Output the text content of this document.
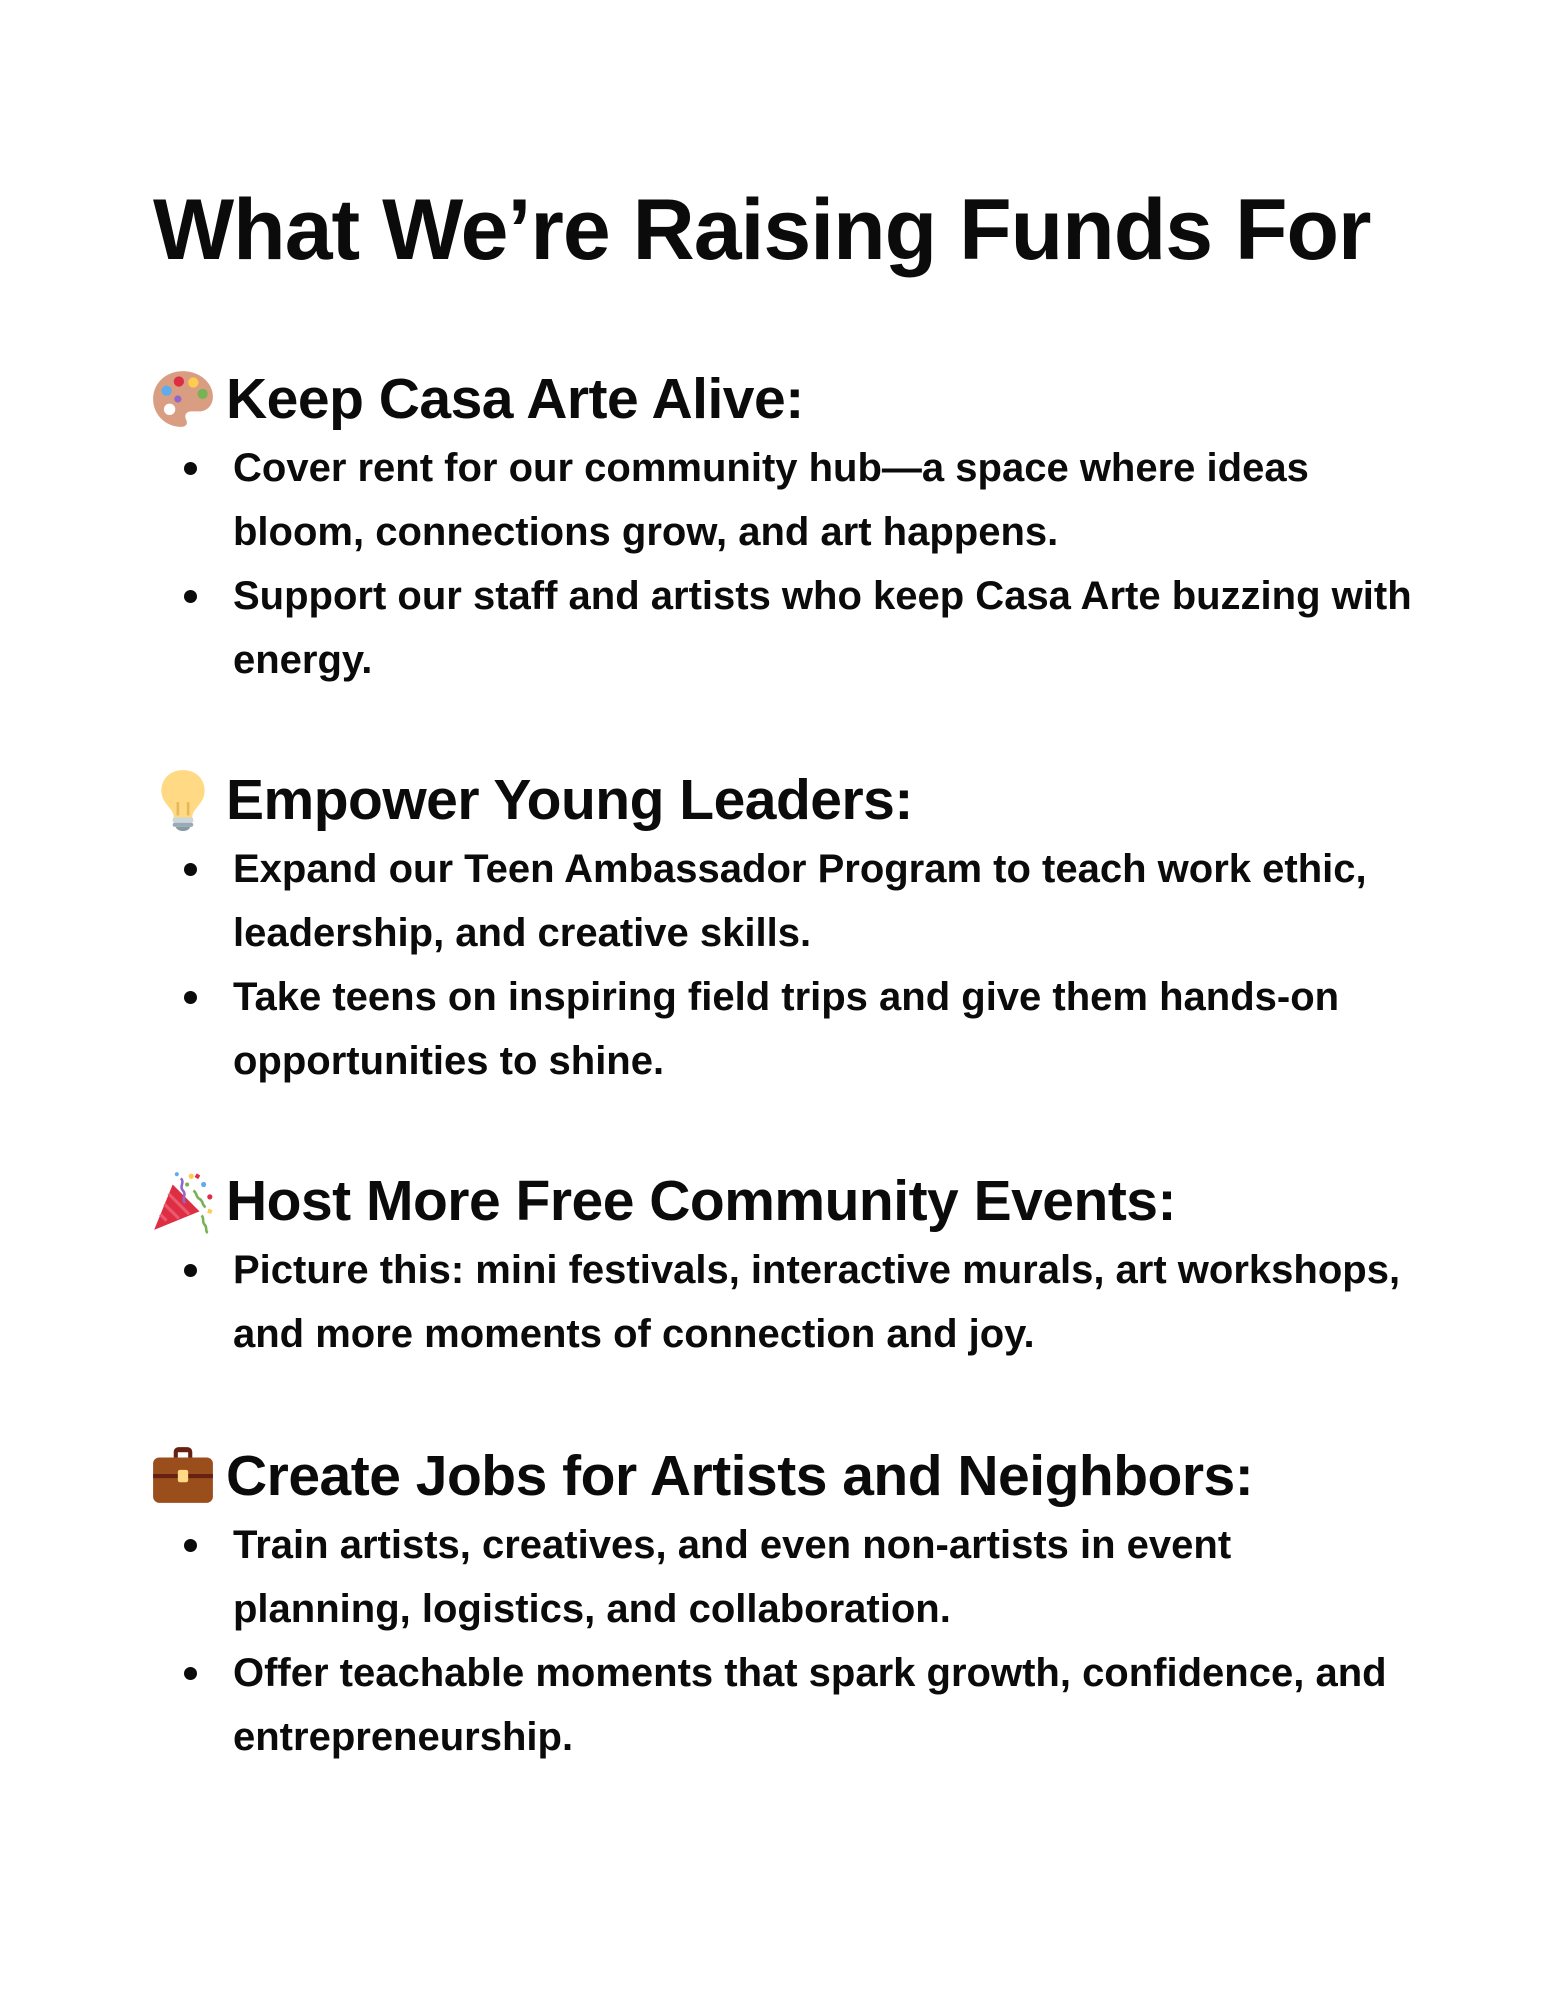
What We’re Raising Funds For
Keep Casa Arte Alive:
Cover rent for our community hub—a space where ideas bloom, connections grow, and art happens.
Support our staff and artists who keep Casa Arte buzzing with energy.
Empower Young Leaders:
Expand our Teen Ambassador Program to teach work ethic, leadership, and creative skills.
Take teens on inspiring field trips and give them hands-on opportunities to shine.
Host More Free Community Events:
Picture this: mini festivals, interactive murals, art workshops, and more moments of connection and joy.
Create Jobs for Artists and Neighbors:
Train artists, creatives, and even non-artists in event planning, logistics, and collaboration.
Offer teachable moments that spark growth, confidence, and entrepreneurship.
